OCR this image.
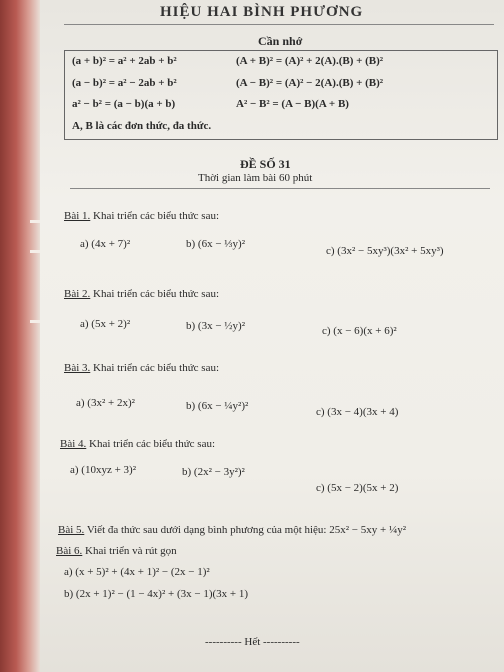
HIỆU HAI BÌNH PHƯƠNG
Cần nhớ
(a + b)² = a² + 2ab + b²	(A + B)² = (A)² + 2(A).(B) + (B)²
(a − b)² = a² − 2ab + b²	(A − B)² = (A)² − 2(A).(B) + (B)²
a² − b² = (a − b)(a + b)	A² − B² = (A − B)(A + B)
A, B là các đơn thức, đa thức.
ĐỀ SỐ 31
Thời gian làm bài 60 phút
Bài 1. Khai triển các biểu thức sau:
a) (4x + 7)²	b) (6x − ⅓y)²
c) (3x² − 5xy³)(3x² + 5xy³)
Bài 2. Khai triển các biểu thức sau:
a) (5x + 2)²	b) (3x − ½y)²	c) (x − 6)(x + 6)²
Bài 3. Khai triển các biểu thức sau:
a) (3x² + 2x)²	b) (6x − ¼y²)²	c) (3x − 4)(3x + 4)
Bài 4. Khai triển các biểu thức sau:
a) (10xyz + 3)²	b) (2x² − 3y²)²
c) (5x − 2)(5x + 2)
Bài 5. Viết đa thức sau dưới dạng bình phương của một hiệu: 25x² − 5xy + ¼y²
Bài 6. Khai triển và rút gọn
a) (x + 5)² + (4x + 1)² − (2x − 1)²
b) (2x + 1)² − (1 − 4x)² + (3x − 1)(3x + 1)
---------- Hết ----------
